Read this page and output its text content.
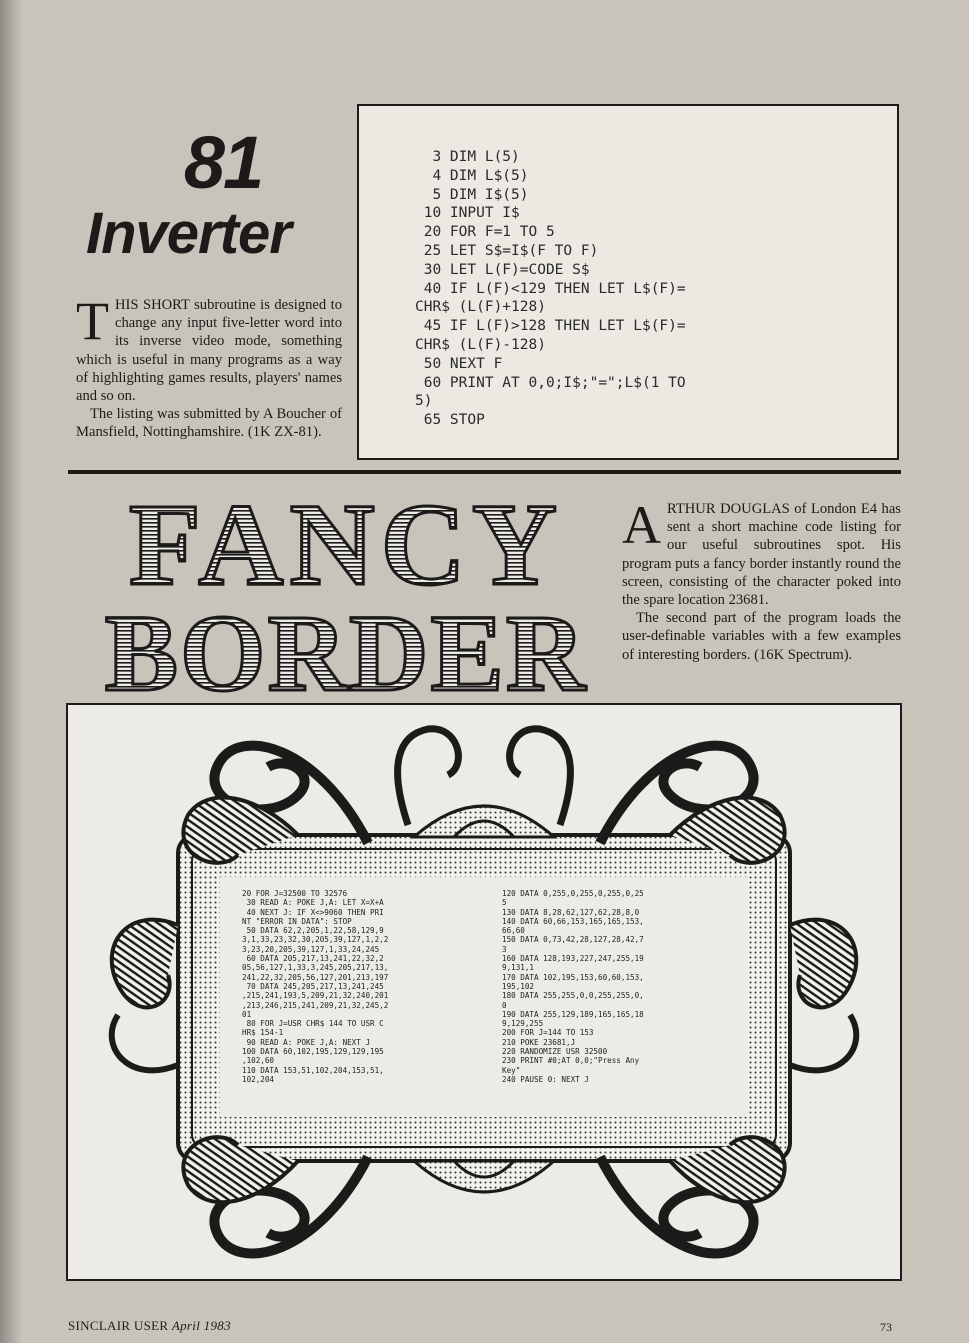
81
Inverter
T HIS SHORT subroutine is designed to change any input five-letter word into its inverse video mode, something which is useful in many programs as a way of highlighting games results, players' names and so on.
The listing was submitted by A Boucher of Mansfield, Nottinghamshire. (1K ZX-81).
3 DIM L(5)
4 DIM L$(5)
5 DIM I$(5)
10 INPUT I$
20 FOR F=1 TO 5
25 LET S$=I$(F TO F)
30 LET L(F)=CODE S$
40 IF L(F)<129 THEN LET L$(F)=
CHR$ (L(F)+128)
45 IF L(F)>128 THEN LET L$(F)=
CHR$ (L(F)-128)
50 NEXT F
60 PRINT AT 0,0;I$;"=";L$(1 TO
5)
65 STOP
FANCY
BORDER

A RTHUR DOUGLAS of London E4 has sent a short machine code listing for our useful subroutines spot. His program puts a fancy border instantly round the screen, consisting of the character poked into the spare location 23681.

The second part of the program loads the user-definable variables with a few examples of interesting borders. (16K Spectrum).

20 FOR J=32500 TO 32576
30 READ A: POKE J,A: LET X=X+A
40 NEXT J: IF X<>9060 THEN PRI
NT "ERROR IN DATA": STOP
50 DATA 62,2,205,1,22,58,129,9
3,1,33,23,32,30,205,39,127,1,2,2
3,23,20,205,39,127,1,33,24,245
60 DATA 205,217,13,241,22,32,2
05,56,127,1,33,3,245,205,217,13,
241,22,32,205,56,127,201,213,197
70 DATA 245,205,217,13,241,245
,215,241,193,5,209,21,32,240,201
,213,246,215,241,209,21,32,245,2
01
80 FOR J=USR CHR$ 144 TO USR C
HR$ 154-1
90 READ A: POKE J,A: NEXT J
100 DATA 60,102,195,129,129,195
,102,60
110 DATA 153,51,102,204,153,51,
102,204
120 DATA 0,255,0,255,0,255,0,25
5
130 DATA 8,28,62,127,62,28,8,0
140 DATA 60,66,153,165,165,153,
66,60
150 DATA 0,73,42,28,127,28,42,7
3
160 DATA 128,193,227,247,255,19
9,131,1
170 DATA 102,195,153,60,60,153,
195,102
180 DATA 255,255,0,0,255,255,0,
0
190 DATA 255,129,189,165,165,18
9,129,255
200 FOR J=144 TO 153
210 POKE 23681,J
220 RANDOMIZE USR 32500
230 PRINT #0;AT 0,0;"Press Any
Key"
240 PAUSE 0: NEXT J
SINCLAIR USER April 1983	73
